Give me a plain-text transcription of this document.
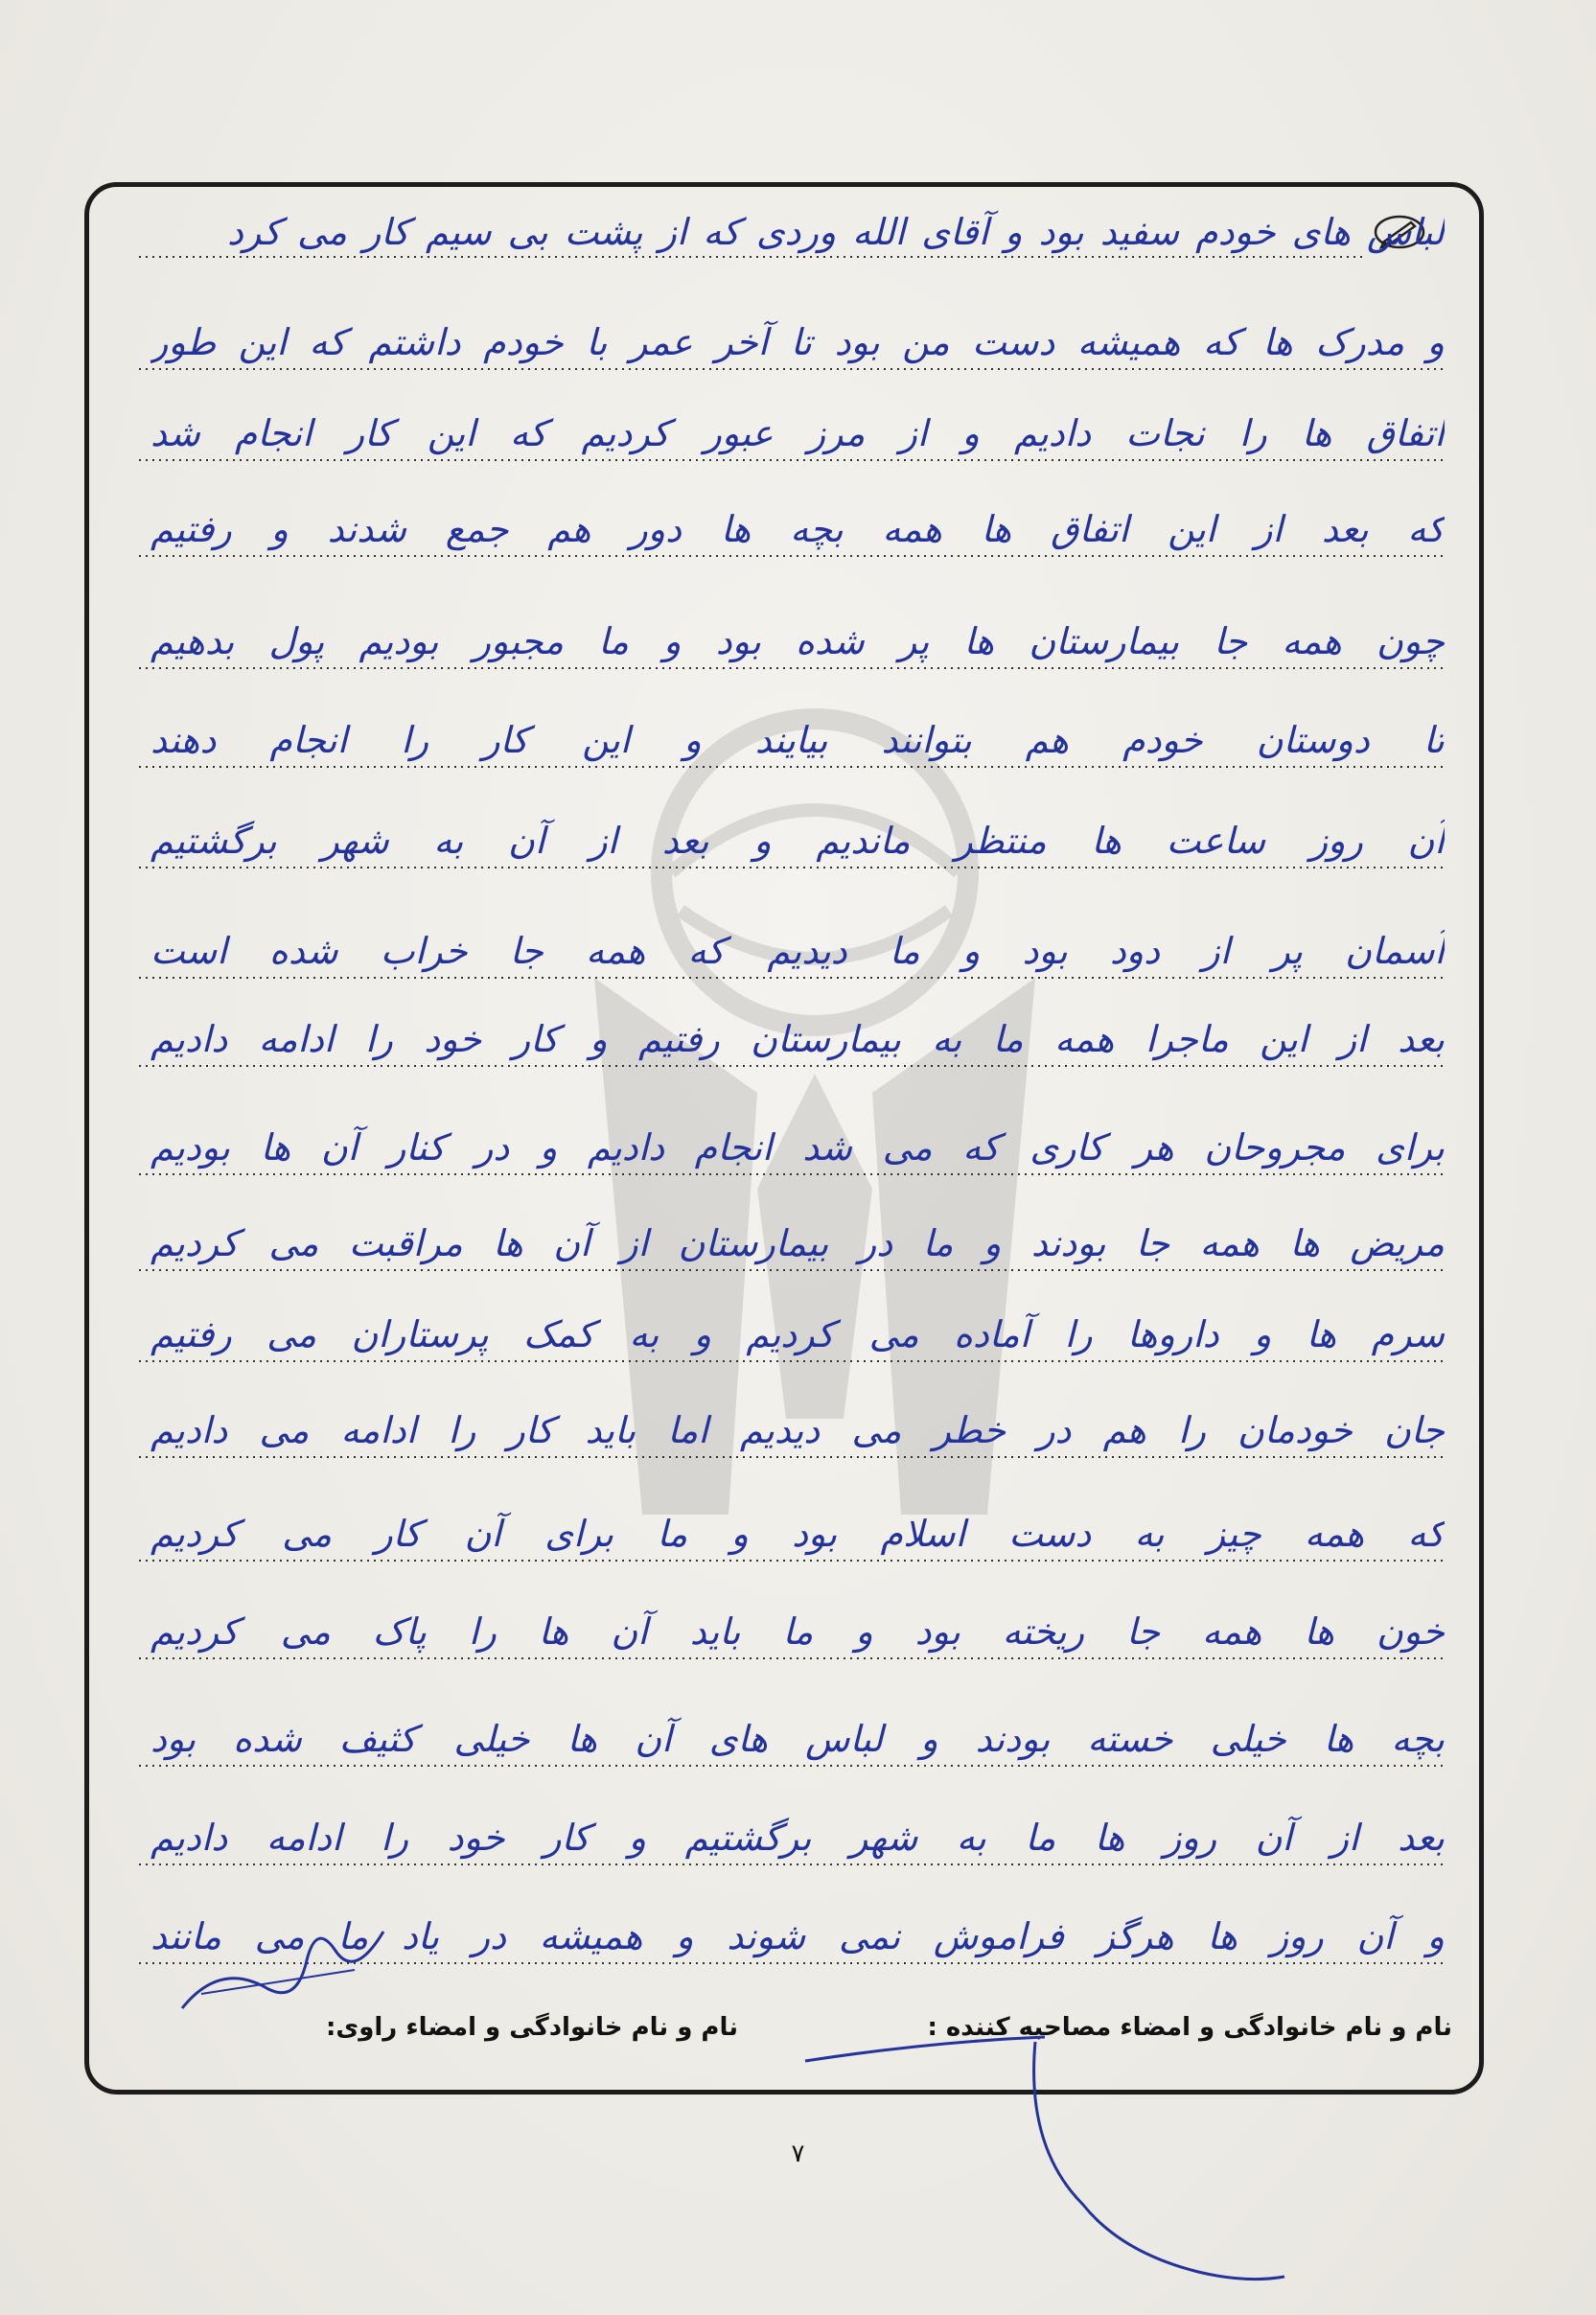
لباس های خودم سفید بود و آقای الله وردی که از پشت بی سیم کار می کرد
و مدرک ها که همیشه دست من بود تا آخر عمر با خودم داشتم که این طور
اتفاق ها را نجات دادیم و از مرز عبور کردیم که این کار انجام شد
که بعد از این اتفاق ها همه بچه ها دور هم جمع شدند و رفتیم
چون همه جا بیمارستان ها پر شده بود و ما مجبور بودیم پول بدهیم
تا دوستان خودم هم بتوانند بیایند و این کار را انجام دهند
آن روز ساعت ها منتظر ماندیم و بعد از آن به شهر برگشتیم
آسمان پر از دود بود و ما دیدیم که همه جا خراب شده است
بعد از این ماجرا همه ما به بیمارستان رفتیم و کار خود را ادامه دادیم
برای مجروحان هر کاری که می شد انجام دادیم و در کنار آن ها بودیم
مریض ها همه جا بودند و ما در بیمارستان از آن ها مراقبت می کردیم
سرم ها و داروها را آماده می کردیم و به کمک پرستاران می رفتیم
جان خودمان را هم در خطر می دیدیم اما باید کار را ادامه می دادیم
که همه چیز به دست اسلام بود و ما برای آن کار می کردیم
خون ها همه جا ریخته بود و ما باید آن ها را پاک می کردیم
بچه ها خیلی خسته بودند و لباس های آن ها خیلی کثیف شده بود
بعد از آن روز ها ما به شهر برگشتیم و کار خود را ادامه دادیم
و آن روز ها هرگز فراموش نمی شوند و همیشه در یاد ما می مانند
نام و نام خانوادگی و امضاء مصاحبه کننده :
نام و نام خانوادگی و امضاء راوی:
۷
